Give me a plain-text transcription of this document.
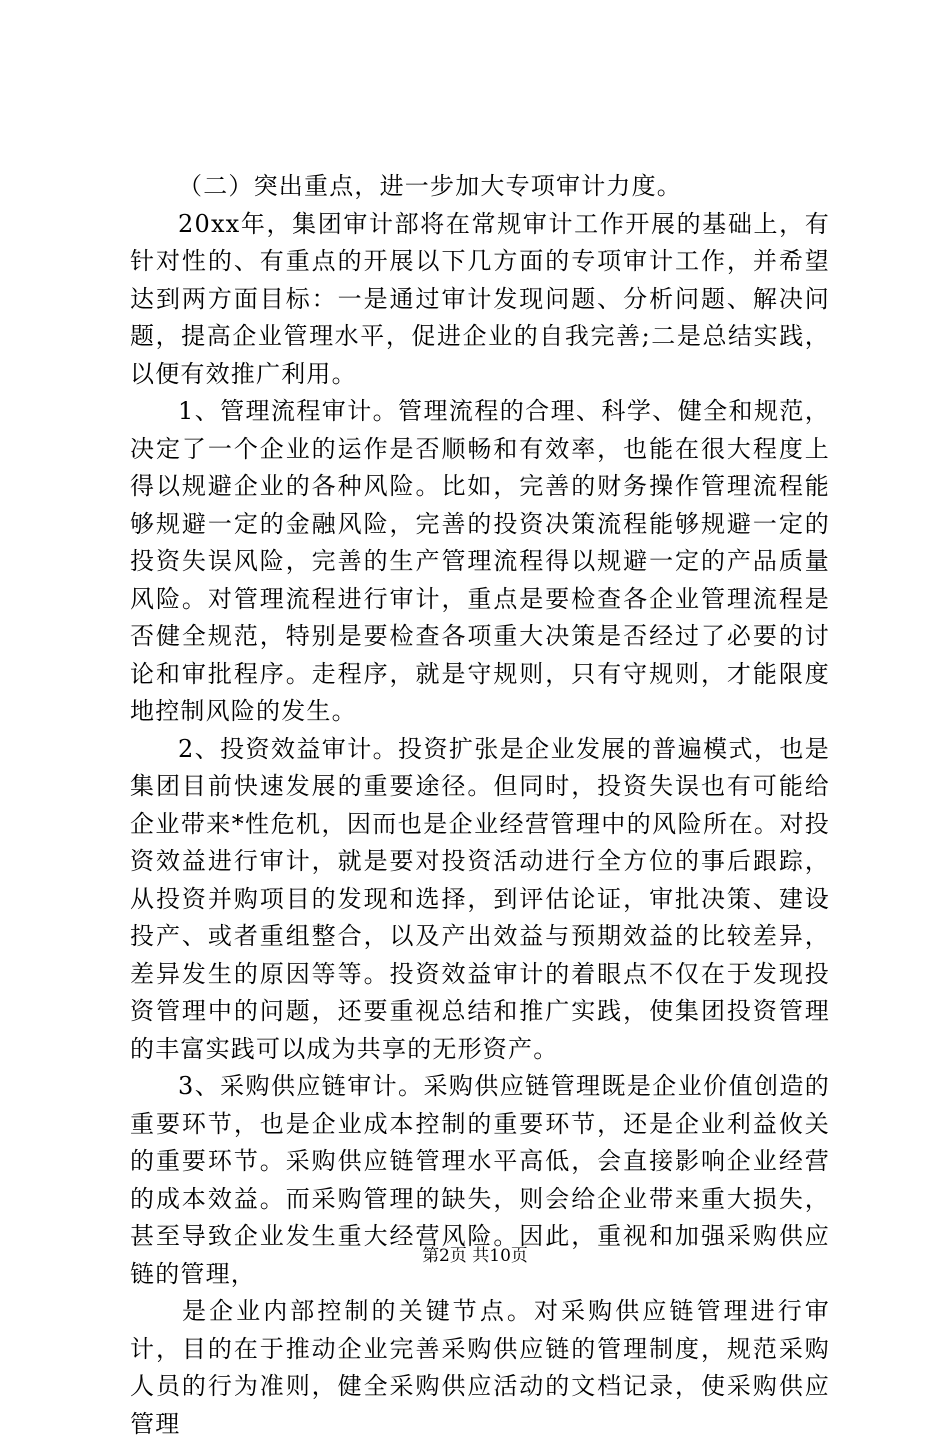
（二）突出重点，进一步加大专项审计力度。

20xx年，集团审计部将在常规审计工作开展的基础上，有针对性的、有重点的开展以下几方面的专项审计工作，并希望达到两方面目标：一是通过审计发现问题、分析问题、解决问题，提高企业管理水平，促进企业的自我完善;二是总结实践，以便有效推广利用。

1、管理流程审计。管理流程的合理、科学、健全和规范，决定了一个企业的运作是否顺畅和有效率，也能在很大程度上得以规避企业的各种风险。比如，完善的财务操作管理流程能够规避一定的金融风险，完善的投资决策流程能够规避一定的投资失误风险，完善的生产管理流程得以规避一定的产品质量风险。对管理流程进行审计，重点是要检查各企业管理流程是否健全规范，特别是要检查各项重大决策是否经过了必要的讨论和审批程序。走程序，就是守规则，只有守规则，才能限度地控制风险的发生。

2、投资效益审计。投资扩张是企业发展的普遍模式，也是集团目前快速发展的重要途径。但同时，投资失误也有可能给企业带来*性危机，因而也是企业经营管理中的风险所在。对投资效益进行审计，就是要对投资活动进行全方位的事后跟踪，从投资并购项目的发现和选择，到评估论证，审批决策、建设投产、或者重组整合，以及产出效益与预期效益的比较差异，差异发生的原因等等。投资效益审计的着眼点不仅在于发现投资管理中的问题，还要重视总结和推广实践，使集团投资管理的丰富实践可以成为共享的无形资产。

3、采购供应链审计。采购供应链管理既是企业价值创造的重要环节，也是企业成本控制的重要环节，还是企业利益攸关的重要环节。采购供应链管理水平高低，会直接影响企业经营的成本效益。而采购管理的缺失，则会给企业带来重大损失，甚至导致企业发生重大经营风险。因此，重视和加强采购供应链的管理，

是企业内部控制的关键节点。对采购供应链管理进行审计，目的在于推动企业完善采购供应链的管理制度，规范采购人员的行为准则，健全采购供应活动的文档记录，使采购供应管理

第2页 共10页
